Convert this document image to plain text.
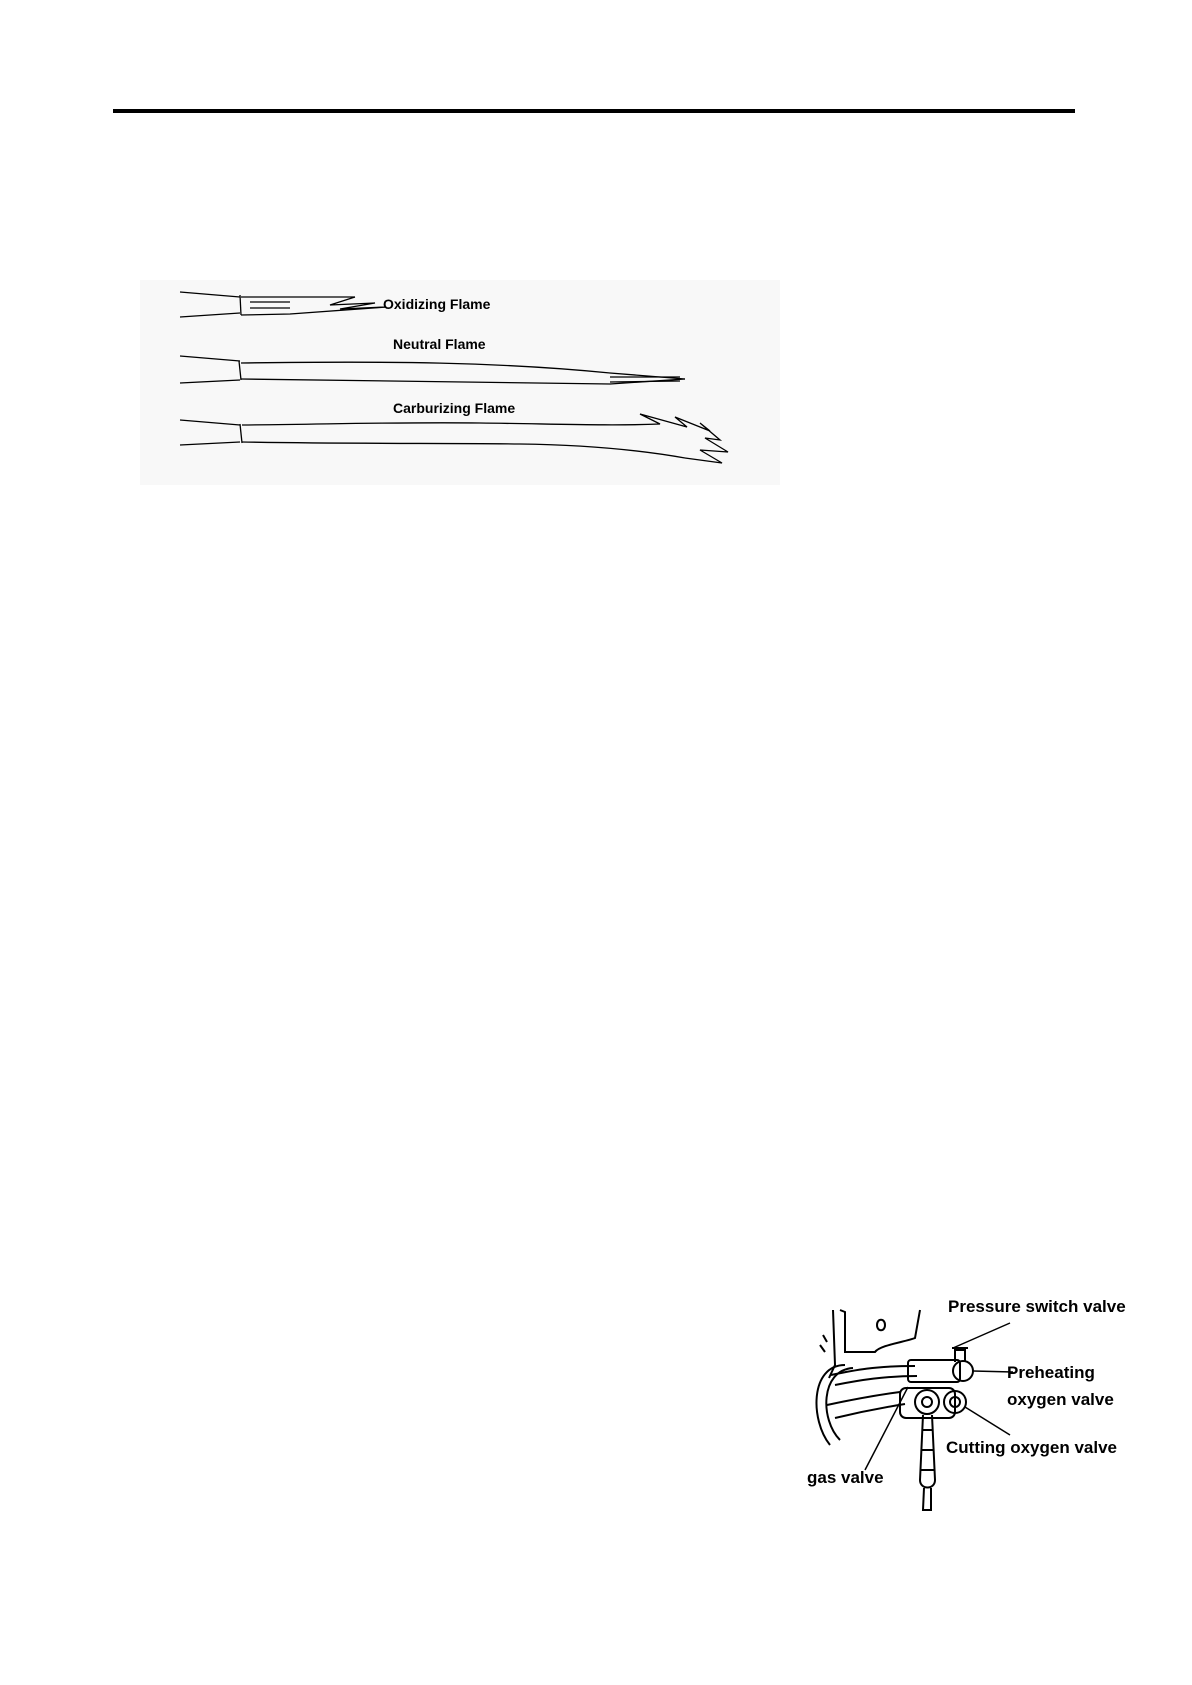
Oxidizing Flame
Neutral Flame
Carburizing Flame
Pressure switch valve
Preheating
oxygen valve
Cutting oxygen valve
gas valve
